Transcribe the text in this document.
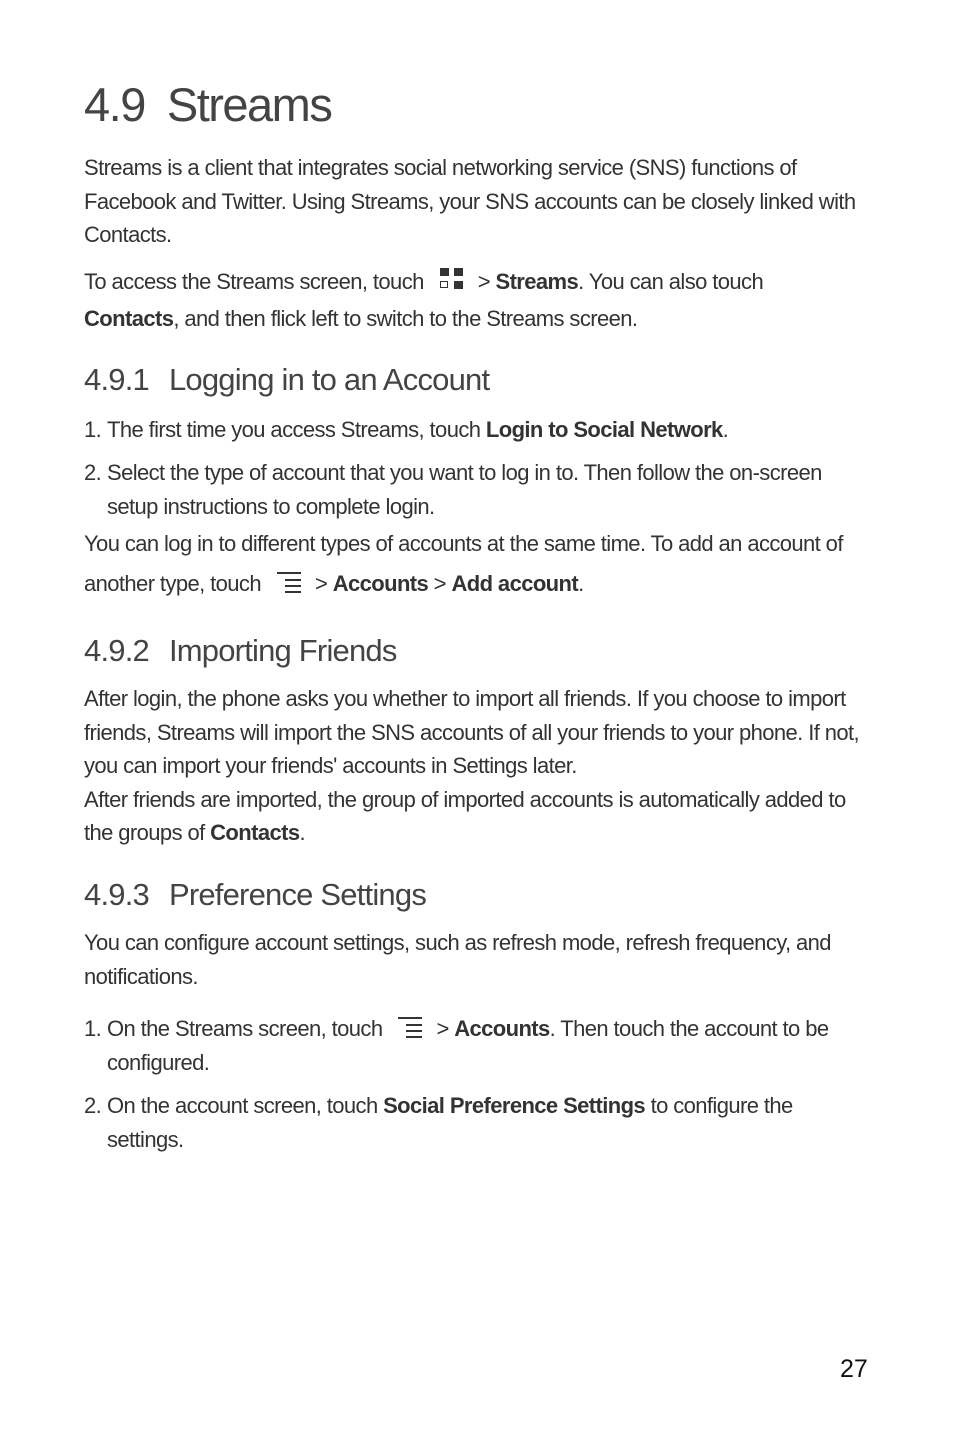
4.9 Streams

Streams is a client that integrates social networking service (SNS) functions of
Facebook and Twitter. Using Streams, your SNS accounts can be closely linked with
Contacts.

To access the Streams screen, touch > Streams. You can also touch
Contacts, and then flick left to switch to the Streams screen.

4.9.1 Logging in to an Account
1. The first time you access Streams, touch Login to Social Network.
2. Select the type of account that you want to log in to. Then follow the on-screen
setup instructions to complete login.

You can log in to different types of accounts at the same time. To add an account of
another type, touch > Accounts > Add account.

4.9.2 Importing Friends

After login, the phone asks you whether to import all friends. If you choose to import
friends, Streams will import the SNS accounts of all your friends to your phone. If not,
you can import your friends' accounts in Settings later.
After friends are imported, the group of imported accounts is automatically added to
the groups of Contacts.

4.9.3 Preference Settings

You can configure account settings, such as refresh mode, refresh frequency, and
notifications.

1. On the Streams screen, touch > Accounts. Then touch the account to be
configured.
2. On the account screen, touch Social Preference Settings to configure the
settings.
27
